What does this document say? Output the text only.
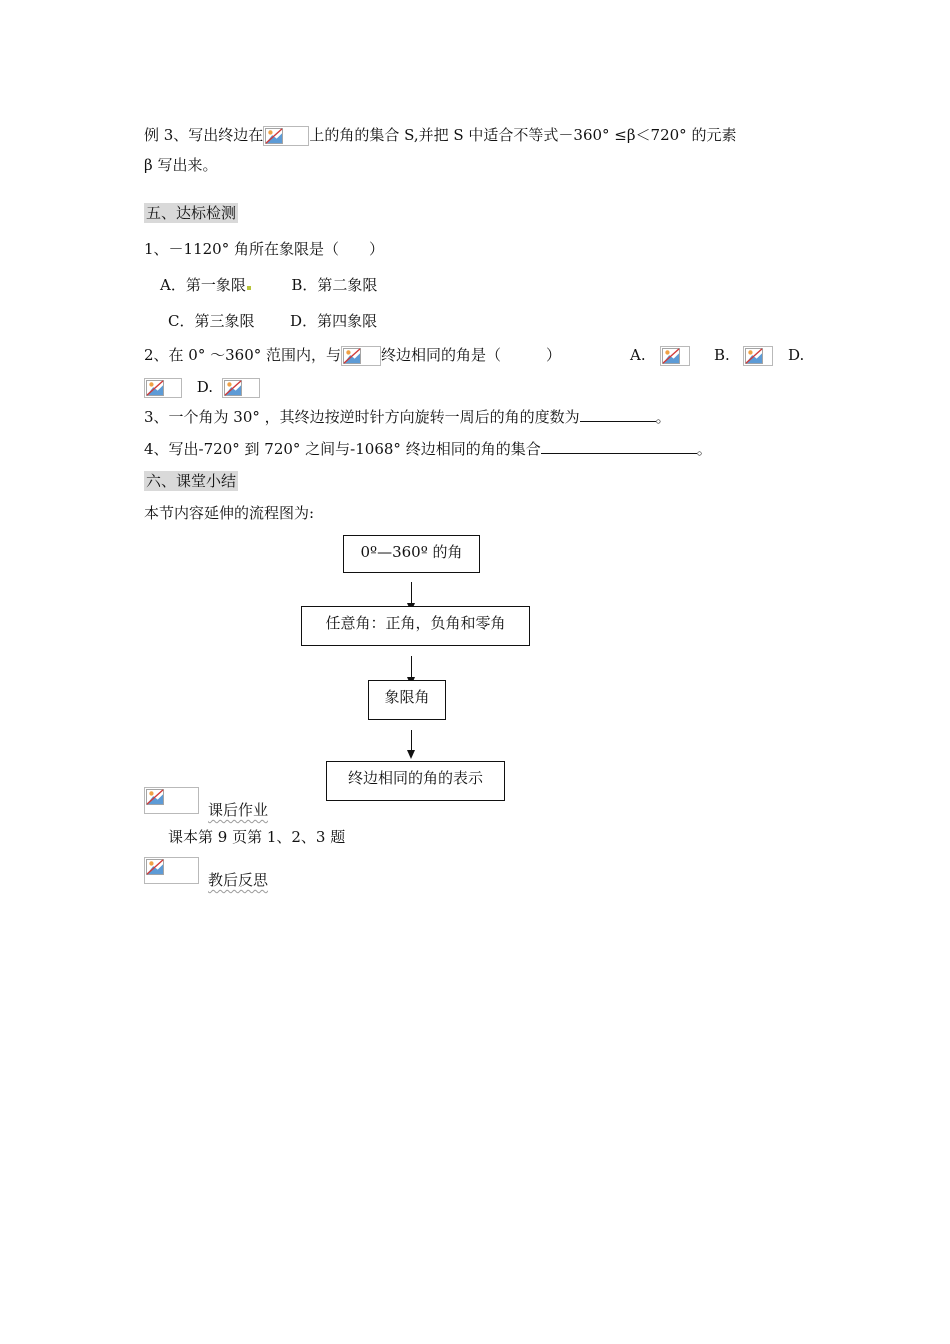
例 3、写出终边在	上的角的集合 S,并把 S 中适合不等式－360° ≤β＜720° 的元素
β 写出来。
五、达标检测
1、－1120° 角所在象限是（　　）
A．第一象限	B．第二象限
C．第三象限 D．第四象限
2、在 0° ～360° 范围内，与	终边相同的角是（　　　）	A.	B.	D.
D.
3、一个角为 30° ，其终边按逆时针方向旋转一周后的角的度数为	。
4、写出-720° 到 720° 之间与-1068° 终边相同的角的集合	。
六、课堂小结
本节内容延伸的流程图为:
0º—360º 的角
任意角：正角，负角和零角
象限角
终边相同的角的表示
课后作业
课本第 9 页第 1、2、3 题
教后反思
